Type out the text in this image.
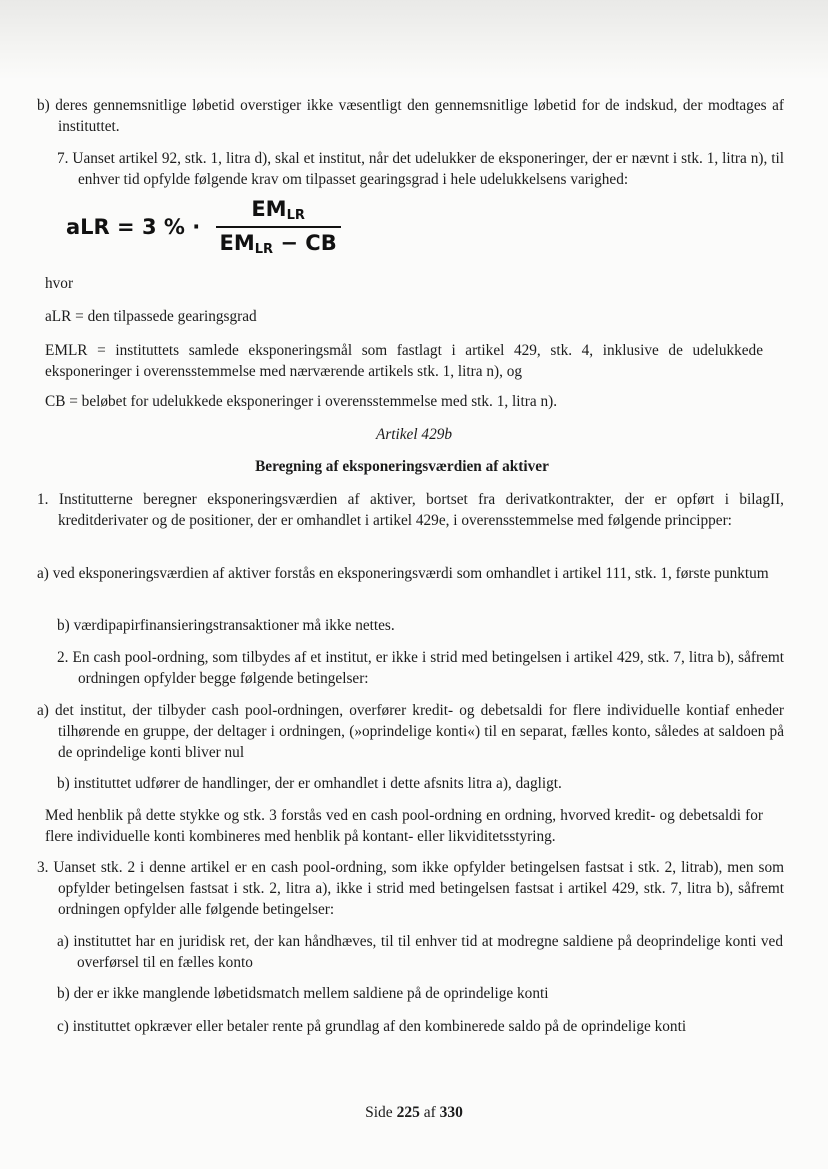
b) deres gennemsnitlige løbetid overstiger ikke væsentligt den gennemsnitlige løbetid for de indskud, der modtages af instituttet.

7. Uanset artikel 92, stk. 1, litra d), skal et institut, når det udelukker de eksponeringer, der er nævnt i stk. 1, litra n), til enhver tid opfylde følgende krav om tilpasset gearingsgrad i hele udelukkelsens varighed:

aLR = 3 % · $\frac{EM_{LR}}{EM_{LR} - CB}$

hvor

aLR = den tilpassede gearingsgrad

EMLR = instituttets samlede eksponeringsmål som fastlagt i artikel 429, stk. 4, inklusive de udelukkede eksponeringer i overensstemmelse med nærværende artikels stk. 1, litra n), og

CB = beløbet for udelukkede eksponeringer i overensstemmelse med stk. 1, litra n).

Artikel 429b

Beregning af eksponeringsværdien af aktiver

1. Institutterne beregner eksponeringsværdien af aktiver, bortset fra derivatkontrakter, der er opført i bilagII, kreditderivater og de positioner, der er omhandlet i artikel 429e, i overensstemmelse med følgende principper:

a) ved eksponeringsværdien af aktiver forstås en eksponeringsværdi som omhandlet i artikel 111, stk. 1, første punktum

b) værdipapirfinansieringstransaktioner må ikke nettes.

2. En cash pool-ordning, som tilbydes af et institut, er ikke i strid med betingelsen i artikel 429, stk. 7, litra b), såfremt ordningen opfylder begge følgende betingelser:

a) det institut, der tilbyder cash pool-ordningen, overfører kredit- og debetsaldi for flere individuelle kontiaf enheder tilhørende en gruppe, der deltager i ordningen, (»oprindelige konti«) til en separat, fælles konto, således at saldoen på de oprindelige konti bliver nul

b) instituttet udfører de handlinger, der er omhandlet i dette afsnits litra a), dagligt.

Med henblik på dette stykke og stk. 3 forstås ved en cash pool-ordning en ordning, hvorved kredit- og debetsaldi for flere individuelle konti kombineres med henblik på kontant- eller likviditetsstyring.

3. Uanset stk. 2 i denne artikel er en cash pool-ordning, som ikke opfylder betingelsen fastsat i stk. 2, litrab), men som opfylder betingelsen fastsat i stk. 2, litra a), ikke i strid med betingelsen fastsat i artikel 429, stk. 7, litra b), såfremt ordningen opfylder alle følgende betingelser:

a) instituttet har en juridisk ret, der kan håndhæves, til til enhver tid at modregne saldiene på deoprindelige konti ved overførsel til en fælles konto

b) der er ikke manglende løbetidsmatch mellem saldiene på de oprindelige konti

c) instituttet opkræver eller betaler rente på grundlag af den kombinerede saldo på de oprindelige konti

Side 225 af 330
